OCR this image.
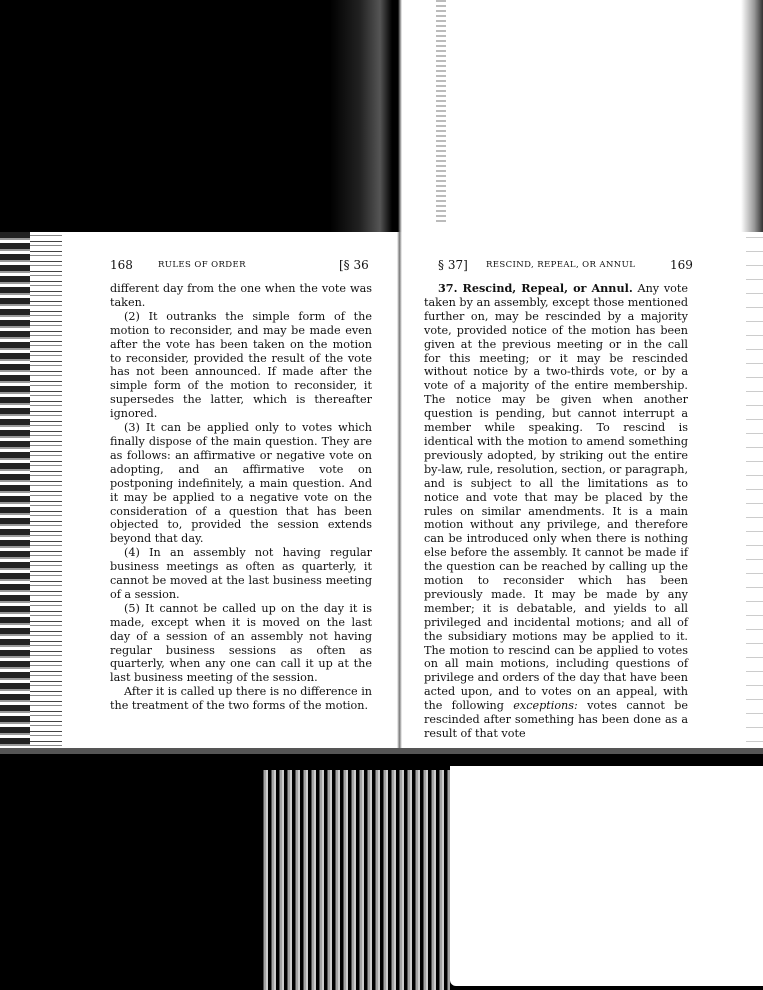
168	RULES OF ORDER	[§ 36

different day from the one when the vote was taken.

(2) It outranks the simple form of the motion to reconsider, and may be made even after the vote has been taken on the motion to reconsider, provided the result of the vote has not been announced. If made after the simple form of the motion to reconsider, it supersedes the latter, which is thereafter ignored.

(3) It can be applied only to votes which finally dispose of the main question. They are as follows: an affirmative or negative vote on adopting, and an affirmative vote on postponing indefinitely, a main question. And it may be applied to a negative vote on the consideration of a question that has been objected to, provided the session extends beyond that day.

(4) In an assembly not having regular business meetings as often as quarterly, it cannot be moved at the last business meeting of a session.

(5) It cannot be called up on the day it is made, except when it is moved on the last day of a session of an assembly not having regular business sessions as often as quarterly, when any one can call it up at the last business meeting of the session.

After it is called up there is no difference in the treatment of the two forms of the motion.

§ 37] RESCIND, REPEAL, OR ANNUL	169

37. Rescind, Repeal, or Annul. Any vote taken by an assembly, except those mentioned further on, may be rescinded by a majority vote, provided notice of the motion has been given at the previous meeting or in the call for this meeting; or it may be rescinded without notice by a two-thirds vote, or by a vote of a majority of the entire membership. The notice may be given when another question is pending, but cannot interrupt a member while speaking. To rescind is identical with the motion to amend something previously adopted, by striking out the entire by-law, rule, resolution, section, or paragraph, and is subject to all the limitations as to notice and vote that may be placed by the rules on similar amendments. It is a main motion without any privilege, and therefore can be introduced only when there is nothing else before the assembly. It cannot be made if the question can be reached by calling up the motion to reconsider which has been previously made. It may be made by any member; it is debatable, and yields to all privileged and incidental motions; and all of the subsidiary motions may be applied to it. The motion to rescind can be applied to votes on all main motions, including questions of privilege and orders of the day that have been acted upon, and to votes on an appeal, with the following exceptions: votes cannot be rescinded after something has been done as a result of that vote
